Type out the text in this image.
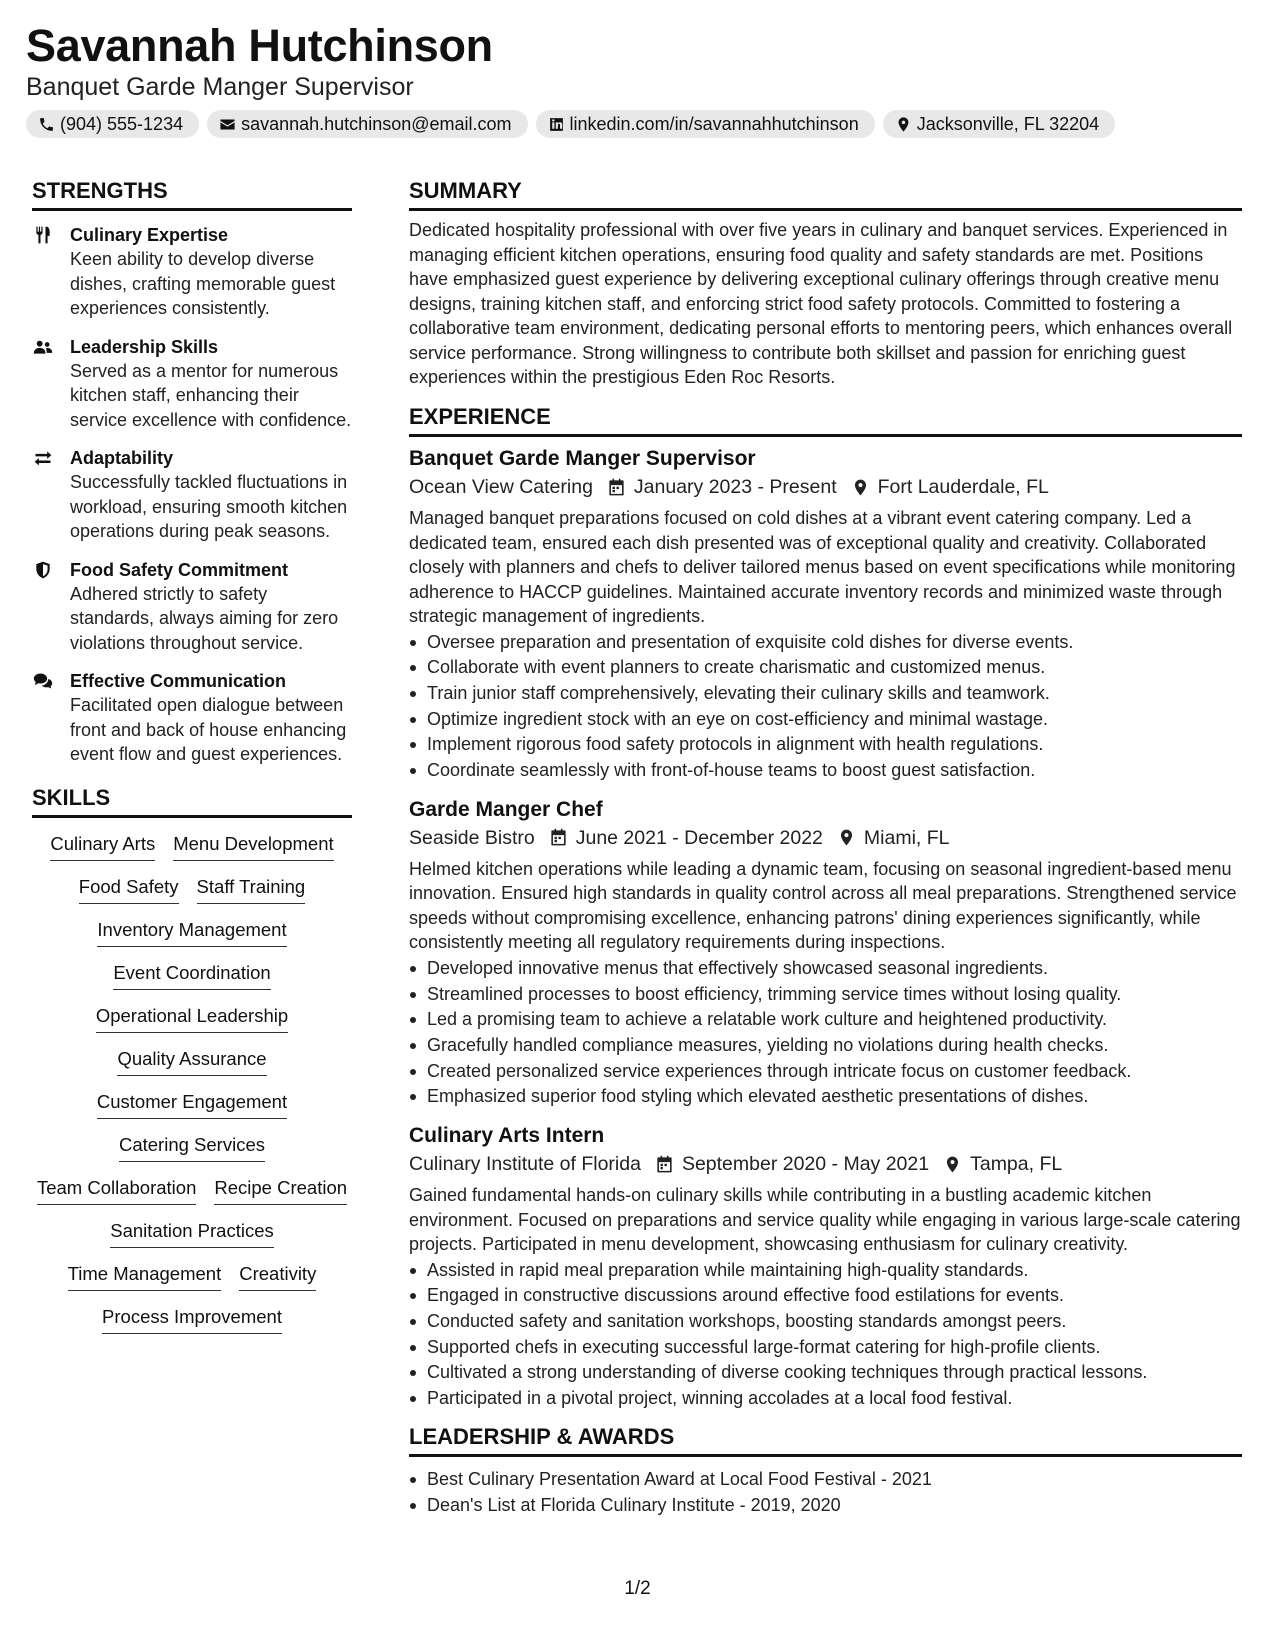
Savannah Hutchinson
Banquet Garde Manger Supervisor
(904) 555-1234	savannah.hutchinson@email.com	linkedin.com/in/savannahhutchinson	Jacksonville, FL 32204
STRENGTHS
Culinary Expertise
Keen ability to develop diverse dishes, crafting memorable guest experiences consistently.
Leadership Skills
Served as a mentor for numerous kitchen staff, enhancing their service excellence with confidence.
Adaptability
Successfully tackled fluctuations in workload, ensuring smooth kitchen operations during peak seasons.
Food Safety Commitment
Adhered strictly to safety standards, always aiming for zero violations throughout service.
Effective Communication
Facilitated open dialogue between front and back of house enhancing event flow and guest experiences.
SKILLS
Culinary Arts Menu Development
Food Safety Staff Training
Inventory Management
Event Coordination
Operational Leadership
Quality Assurance
Customer Engagement
Catering Services
Team Collaboration Recipe Creation
Sanitation Practices
Time Management Creativity
Process Improvement
SUMMARY
Dedicated hospitality professional with over five years in culinary and banquet services. Experienced in managing efficient kitchen operations, ensuring food quality and safety standards are met. Positions have emphasized guest experience by delivering exceptional culinary offerings through creative menu designs, training kitchen staff, and enforcing strict food safety protocols. Committed to fostering a collaborative team environment, dedicating personal efforts to mentoring peers, which enhances overall service performance. Strong willingness to contribute both skillset and passion for enriching guest experiences within the prestigious Eden Roc Resorts.
EXPERIENCE
Banquet Garde Manger Supervisor
Ocean View Catering January 2023 - Present Fort Lauderdale, FL
Managed banquet preparations focused on cold dishes at a vibrant event catering company. Led a dedicated team, ensured each dish presented was of exceptional quality and creativity. Collaborated closely with planners and chefs to deliver tailored menus based on event specifications while monitoring adherence to HACCP guidelines. Maintained accurate inventory records and minimized waste through strategic management of ingredients.
Oversee preparation and presentation of exquisite cold dishes for diverse events.
Collaborate with event planners to create charismatic and customized menus.
Train junior staff comprehensively, elevating their culinary skills and teamwork.
Optimize ingredient stock with an eye on cost-efficiency and minimal wastage.
Implement rigorous food safety protocols in alignment with health regulations.
Coordinate seamlessly with front-of-house teams to boost guest satisfaction.
Garde Manger Chef
Seaside Bistro June 2021 - December 2022 Miami, FL
Helmed kitchen operations while leading a dynamic team, focusing on seasonal ingredient-based menu innovation. Ensured high standards in quality control across all meal preparations. Strengthened service speeds without compromising excellence, enhancing patrons' dining experiences significantly, while consistently meeting all regulatory requirements during inspections.
Developed innovative menus that effectively showcased seasonal ingredients.
Streamlined processes to boost efficiency, trimming service times without losing quality.
Led a promising team to achieve a relatable work culture and heightened productivity.
Gracefully handled compliance measures, yielding no violations during health checks.
Created personalized service experiences through intricate focus on customer feedback.
Emphasized superior food styling which elevated aesthetic presentations of dishes.
Culinary Arts Intern
Culinary Institute of Florida September 2020 - May 2021 Tampa, FL
Gained fundamental hands-on culinary skills while contributing in a bustling academic kitchen environment. Focused on preparations and service quality while engaging in various large-scale catering projects. Participated in menu development, showcasing enthusiasm for culinary creativity.
Assisted in rapid meal preparation while maintaining high-quality standards.
Engaged in constructive discussions around effective food estilations for events.
Conducted safety and sanitation workshops, boosting standards amongst peers.
Supported chefs in executing successful large-format catering for high-profile clients.
Cultivated a strong understanding of diverse cooking techniques through practical lessons.
Participated in a pivotal project, winning accolades at a local food festival.
LEADERSHIP & AWARDS
Best Culinary Presentation Award at Local Food Festival - 2021
Dean's List at Florida Culinary Institute - 2019, 2020
1/2
